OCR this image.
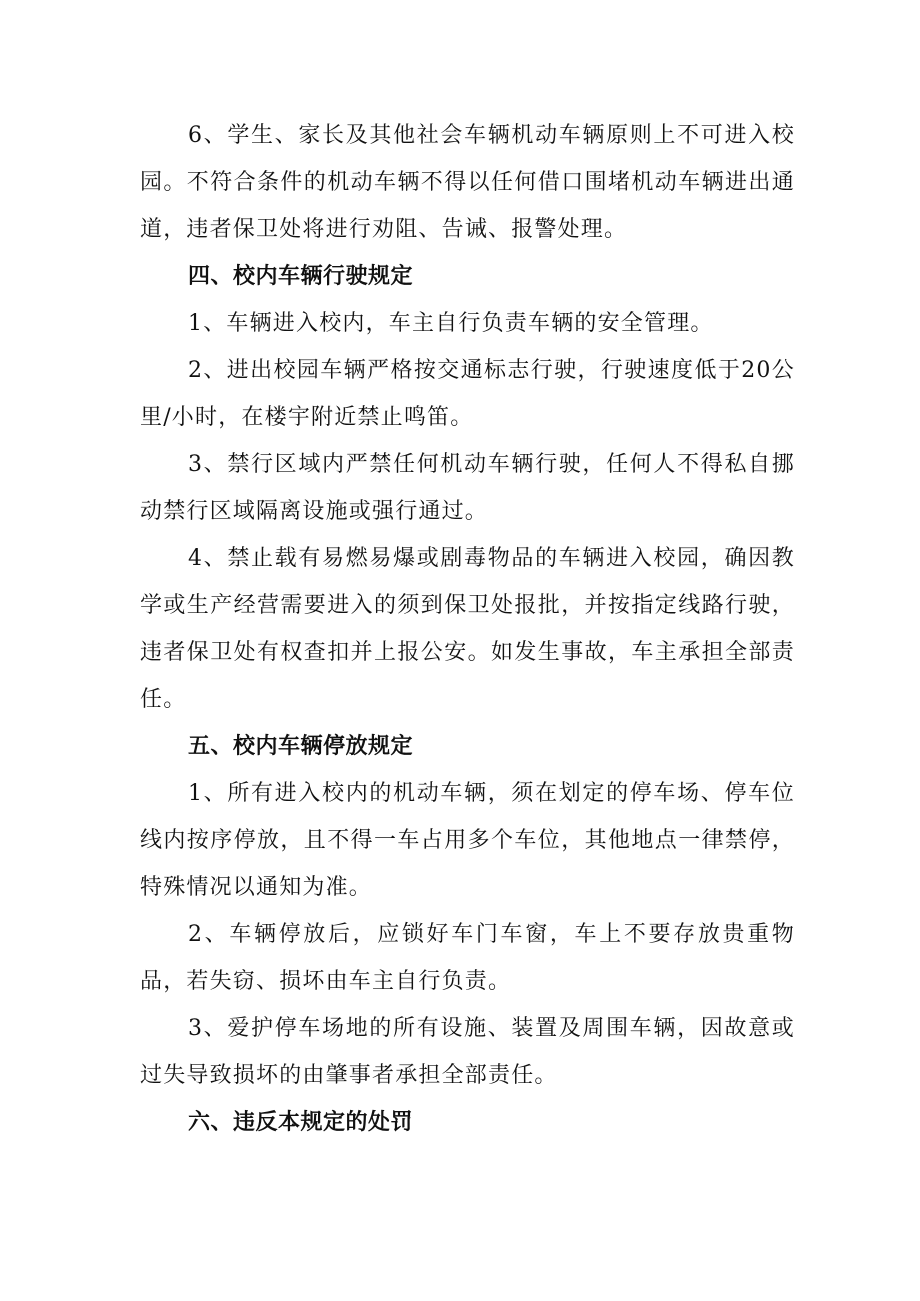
6、学生、家长及其他社会车辆机动车辆原则上不可进入校园。不符合条件的机动车辆不得以任何借口围堵机动车辆进出通道，违者保卫处将进行劝阻、告诫、报警处理。

四、校内车辆行驶规定

1、车辆进入校内，车主自行负责车辆的安全管理。

2、进出校园车辆严格按交通标志行驶，行驶速度低于20公里/小时，在楼宇附近禁止鸣笛。

3、禁行区域内严禁任何机动车辆行驶，任何人不得私自挪动禁行区域隔离设施或强行通过。

4、禁止载有易燃易爆或剧毒物品的车辆进入校园，确因教学或生产经营需要进入的须到保卫处报批，并按指定线路行驶，违者保卫处有权查扣并上报公安。如发生事故，车主承担全部责任。

五、校内车辆停放规定

1、所有进入校内的机动车辆，须在划定的停车场、停车位线内按序停放，且不得一车占用多个车位，其他地点一律禁停，特殊情况以通知为准。

2、车辆停放后，应锁好车门车窗，车上不要存放贵重物品，若失窃、损坏由车主自行负责。

3、爱护停车场地的所有设施、装置及周围车辆，因故意或过失导致损坏的由肇事者承担全部责任。

六、违反本规定的处罚
